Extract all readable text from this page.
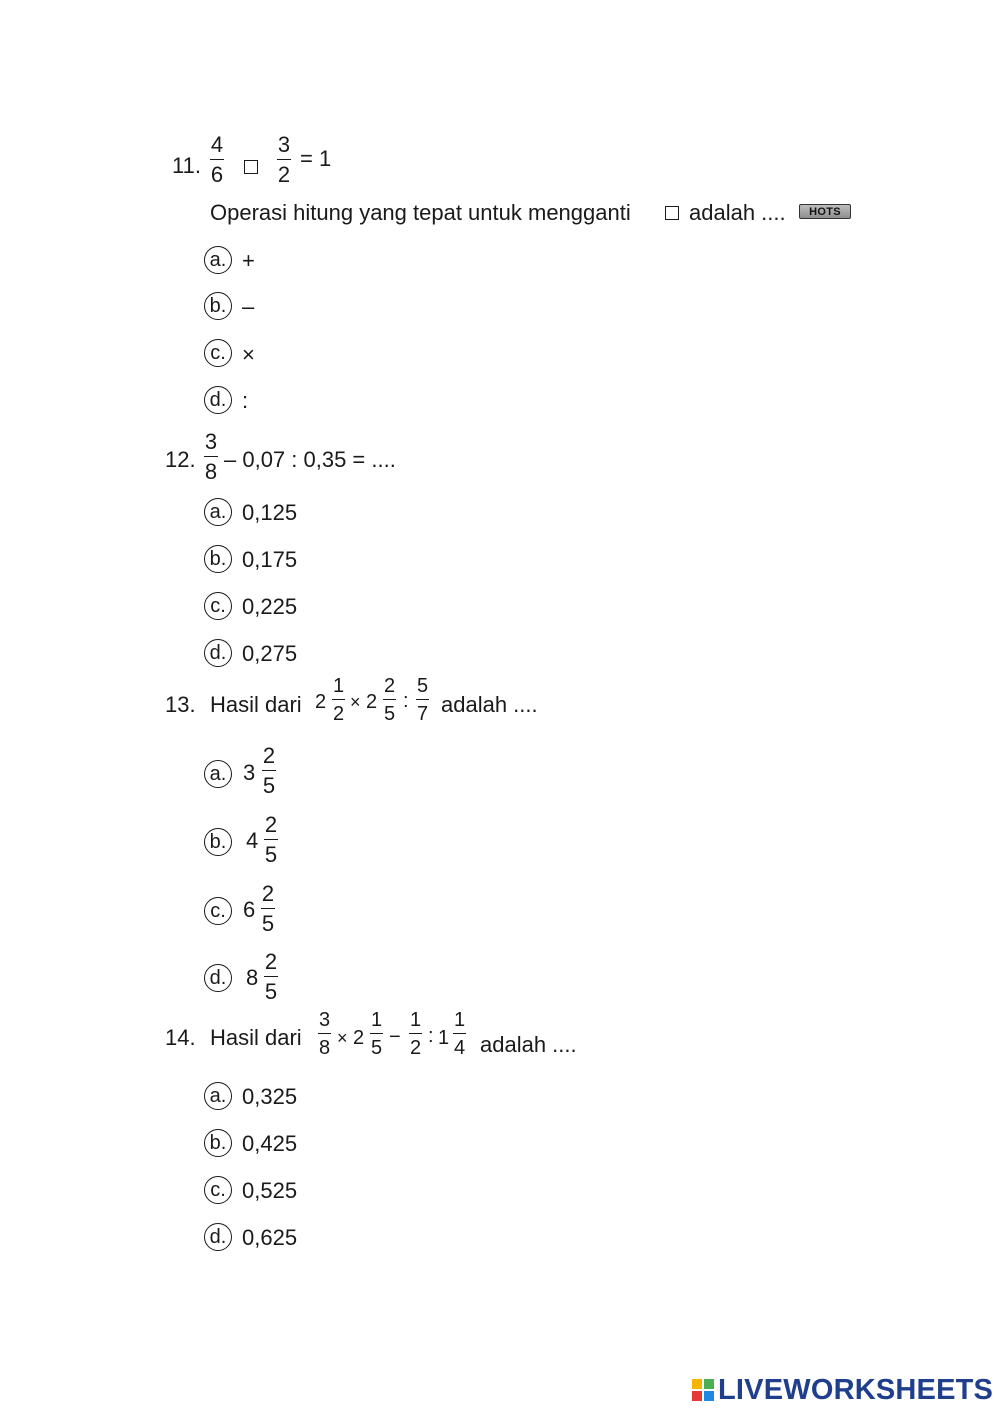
11.
4
6
3
2
= 1
Operasi hitung yang tepat untuk mengganti	adalah ....	HOTS
a. +
b. –
c. ×
d. :
12.
3
8 – 0,07 : 0,35 = ....
a. 0,125
b. 0,175
c. 0,225
d. 0,275
13. Hasil dari 2
1
2
× 2
2
5
:
5
7 adalah ....
a. 3
2
5
b. 4
2
5
c. 6
2
5
d. 8
2
5
14. Hasil dari
3
8 × 2
1
5 −
1
2
: 1
1
4 adalah ....
a. 0,325
b. 0,425
c. 0,525
d. 0,625
LIVEWORKSHEETS
